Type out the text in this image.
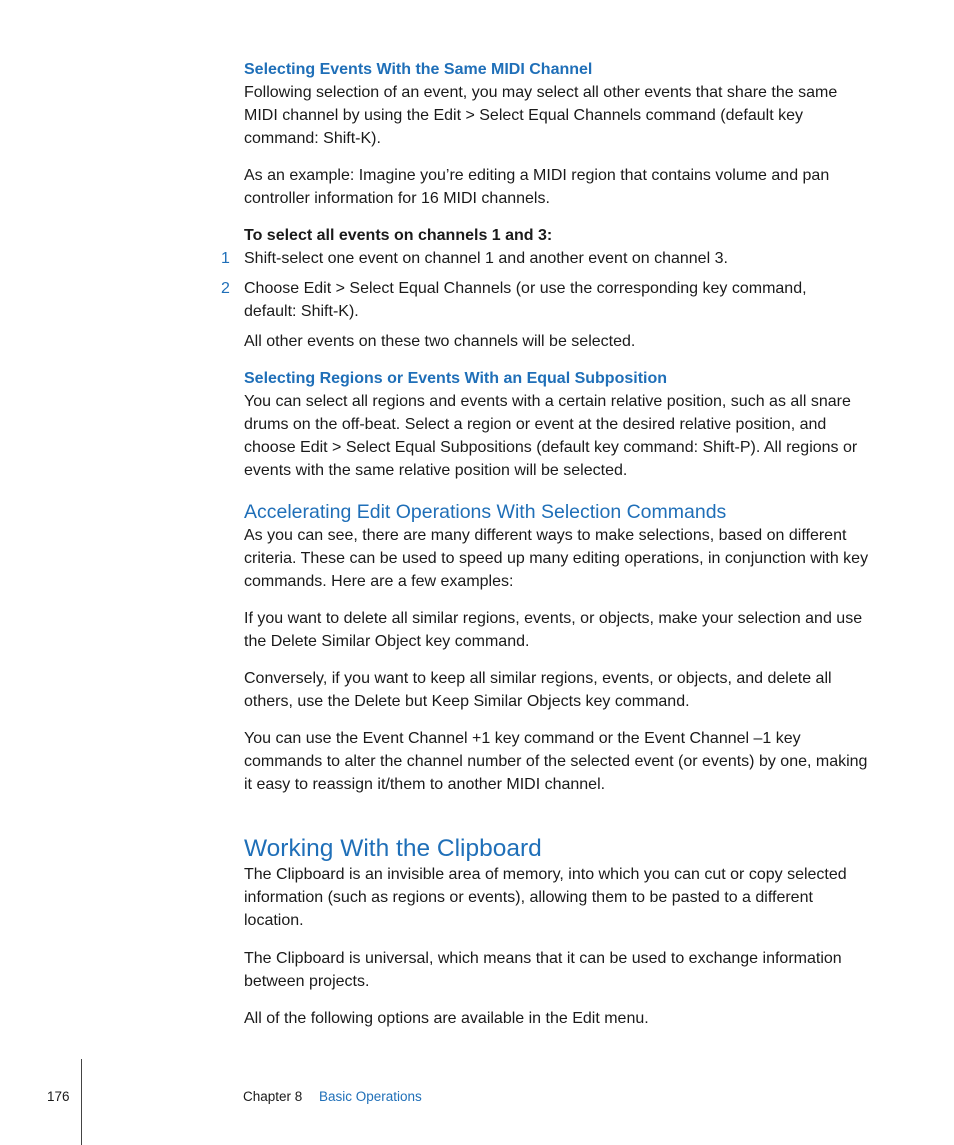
Selecting Events With the Same MIDI Channel
Following selection of an event, you may select all other events that share the same MIDI channel by using the Edit > Select Equal Channels command (default key command: Shift-K).
As an example: Imagine you’re editing a MIDI region that contains volume and pan controller information for 16 MIDI channels.
To select all events on channels 1 and 3:
1 Shift-select one event on channel 1 and another event on channel 3.
2 Choose Edit > Select Equal Channels (or use the corresponding key command, default: Shift-K).
All other events on these two channels will be selected.
Selecting Regions or Events With an Equal Subposition
You can select all regions and events with a certain relative position, such as all snare drums on the off-beat. Select a region or event at the desired relative position, and choose Edit > Select Equal Subpositions (default key command: Shift-P). All regions or events with the same relative position will be selected.
Accelerating Edit Operations With Selection Commands
As you can see, there are many different ways to make selections, based on different criteria. These can be used to speed up many editing operations, in conjunction with key commands. Here are a few examples:
If you want to delete all similar regions, events, or objects, make your selection and use the Delete Similar Object key command.
Conversely, if you want to keep all similar regions, events, or objects, and delete all others, use the Delete but Keep Similar Objects key command.
You can use the Event Channel +1 key command or the Event Channel –1 key commands to alter the channel number of the selected event (or events) by one, making it easy to reassign it/them to another MIDI channel.
Working With the Clipboard
The Clipboard is an invisible area of memory, into which you can cut or copy selected information (such as regions or events), allowing them to be pasted to a different location.
The Clipboard is universal, which means that it can be used to exchange information between projects.
All of the following options are available in the Edit menu.
176	Chapter 8 Basic Operations
